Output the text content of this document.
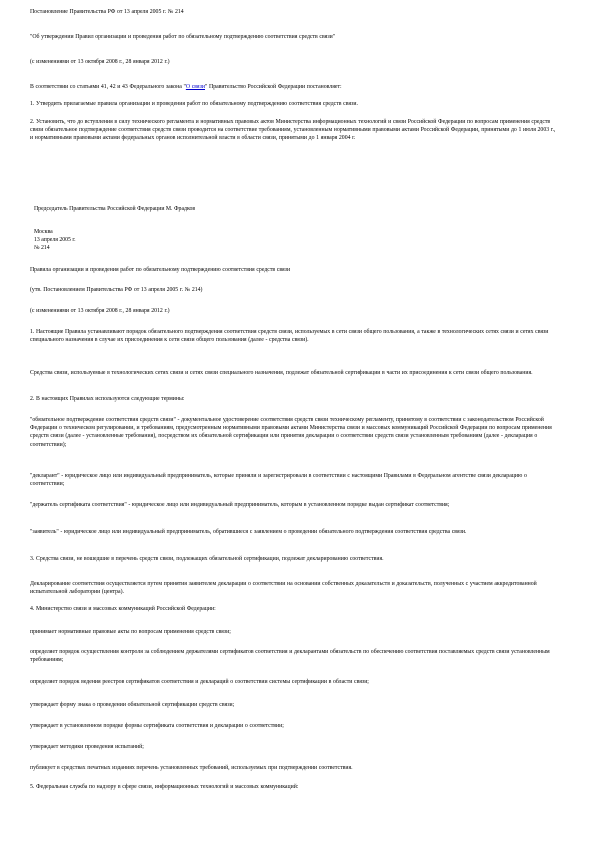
Постановление Правительства РФ от 13 апреля 2005 г. № 214
"Об утверждении Правил организации и проведения работ по обязательному подтверждению соответствия средств связи"
(с изменениями от 13 октября 2008 г., 28 января 2012 г.)
В соответствии со статьями 41, 42 и 43 Федерального закона "О связи" Правительство Российской Федерации постановляет:
1. Утвердить прилагаемые правила организации и проведения работ по обязательному подтверждению соответствия средств связи.
2. Установить, что до вступления в силу технического регламента и нормативных правовых актов Министерства информационных технологий и связи Российской Федерации по вопросам применения средств связи обязательное подтверждение соответствия средств связи проводится на соответствие требованиям, установленным нормативными правовыми актами Российской Федерации, принятыми до 1 июля 2003 г., и нормативными правовыми актами федеральных органов исполнительной власти в области связи, принятыми до 1 января 2004 г.
Председатель Правительства Российской Федерации М. Фрадков
Москва
13 апреля 2005 г.
№ 214
Правила организации и проведения работ по обязательному подтверждению соответствия средств связи
(утв. Постановлением Правительства РФ от 13 апреля 2005 г. № 214)
(с изменениями от 13 октября 2008 г., 28 января 2012 г.)
1. Настоящие Правила устанавливают порядок обязательного подтверждения соответствия средств связи, используемых в сети связи общего пользования, а также в технологических сетях связи и сетях связи специального назначения в случае их присоединения к сети связи общего пользования (далее - средства связи).
Средства связи, используемые в технологических сетях связи и сетях связи специального назначения, подлежат обязательной сертификации в части их присоединения к сети связи общего пользования.
2. В настоящих Правилах используются следующие термины:
"обязательное подтверждение соответствия средств связи" - документальное удостоверение соответствия средств связи техническому регламенту, принятому в соответствии с законодательством Российской Федерации о техническом регулировании, и требованиям, предусмотренным нормативными правовыми актами Министерства связи и массовых коммуникаций Российской Федерации по вопросам применения средств связи (далее - установленные требования), посредством их обязательной сертификации или принятия декларации о соответствии средств связи установленным требованиям (далее - декларация о соответствии);
"декларант" - юридическое лицо или индивидуальный предприниматель, которые приняли и зарегистрировали в соответствии с настоящими Правилами в Федеральном агентстве связи декларацию о соответствии;
"держатель сертификата соответствия" - юридическое лицо или индивидуальный предприниматель, которым в установленном порядке выдан сертификат соответствия;
"заявитель" - юридическое лицо или индивидуальный предприниматель, обратившиеся с заявлением о проведении обязательного подтверждения соответствия средства связи.
3. Средства связи, не вошедшие в перечень средств связи, подлежащих обязательной сертификации, подлежат декларированию соответствия.
Декларирование соответствия осуществляется путем принятия заявителем декларации о соответствии на основании собственных доказательств и доказательств, полученных с участием аккредитованной испытательной лаборатории (центра).
4. Министерство связи и массовых коммуникаций Российской Федерации:
принимает нормативные правовые акты по вопросам применения средств связи;
определяет порядок осуществления контроля за соблюдением держателями сертификатов соответствия и декларантами обязательств по обеспечению соответствия поставляемых средств связи установленным требованиям;
определяет порядок ведения реестров сертификатов соответствия и деклараций о соответствии системы сертификации в области связи;
утверждает форму знака о проведении обязательной сертификации средств связи;
утверждает в установленном порядке формы сертификата соответствия и декларации о соответствии;
утверждает методики проведения испытаний;
публикует в средствах печатных изданиях перечень установленных требований, используемых при подтверждении соответствия.
5. Федеральная служба по надзору в сфере связи, информационных технологий и массовых коммуникаций:
